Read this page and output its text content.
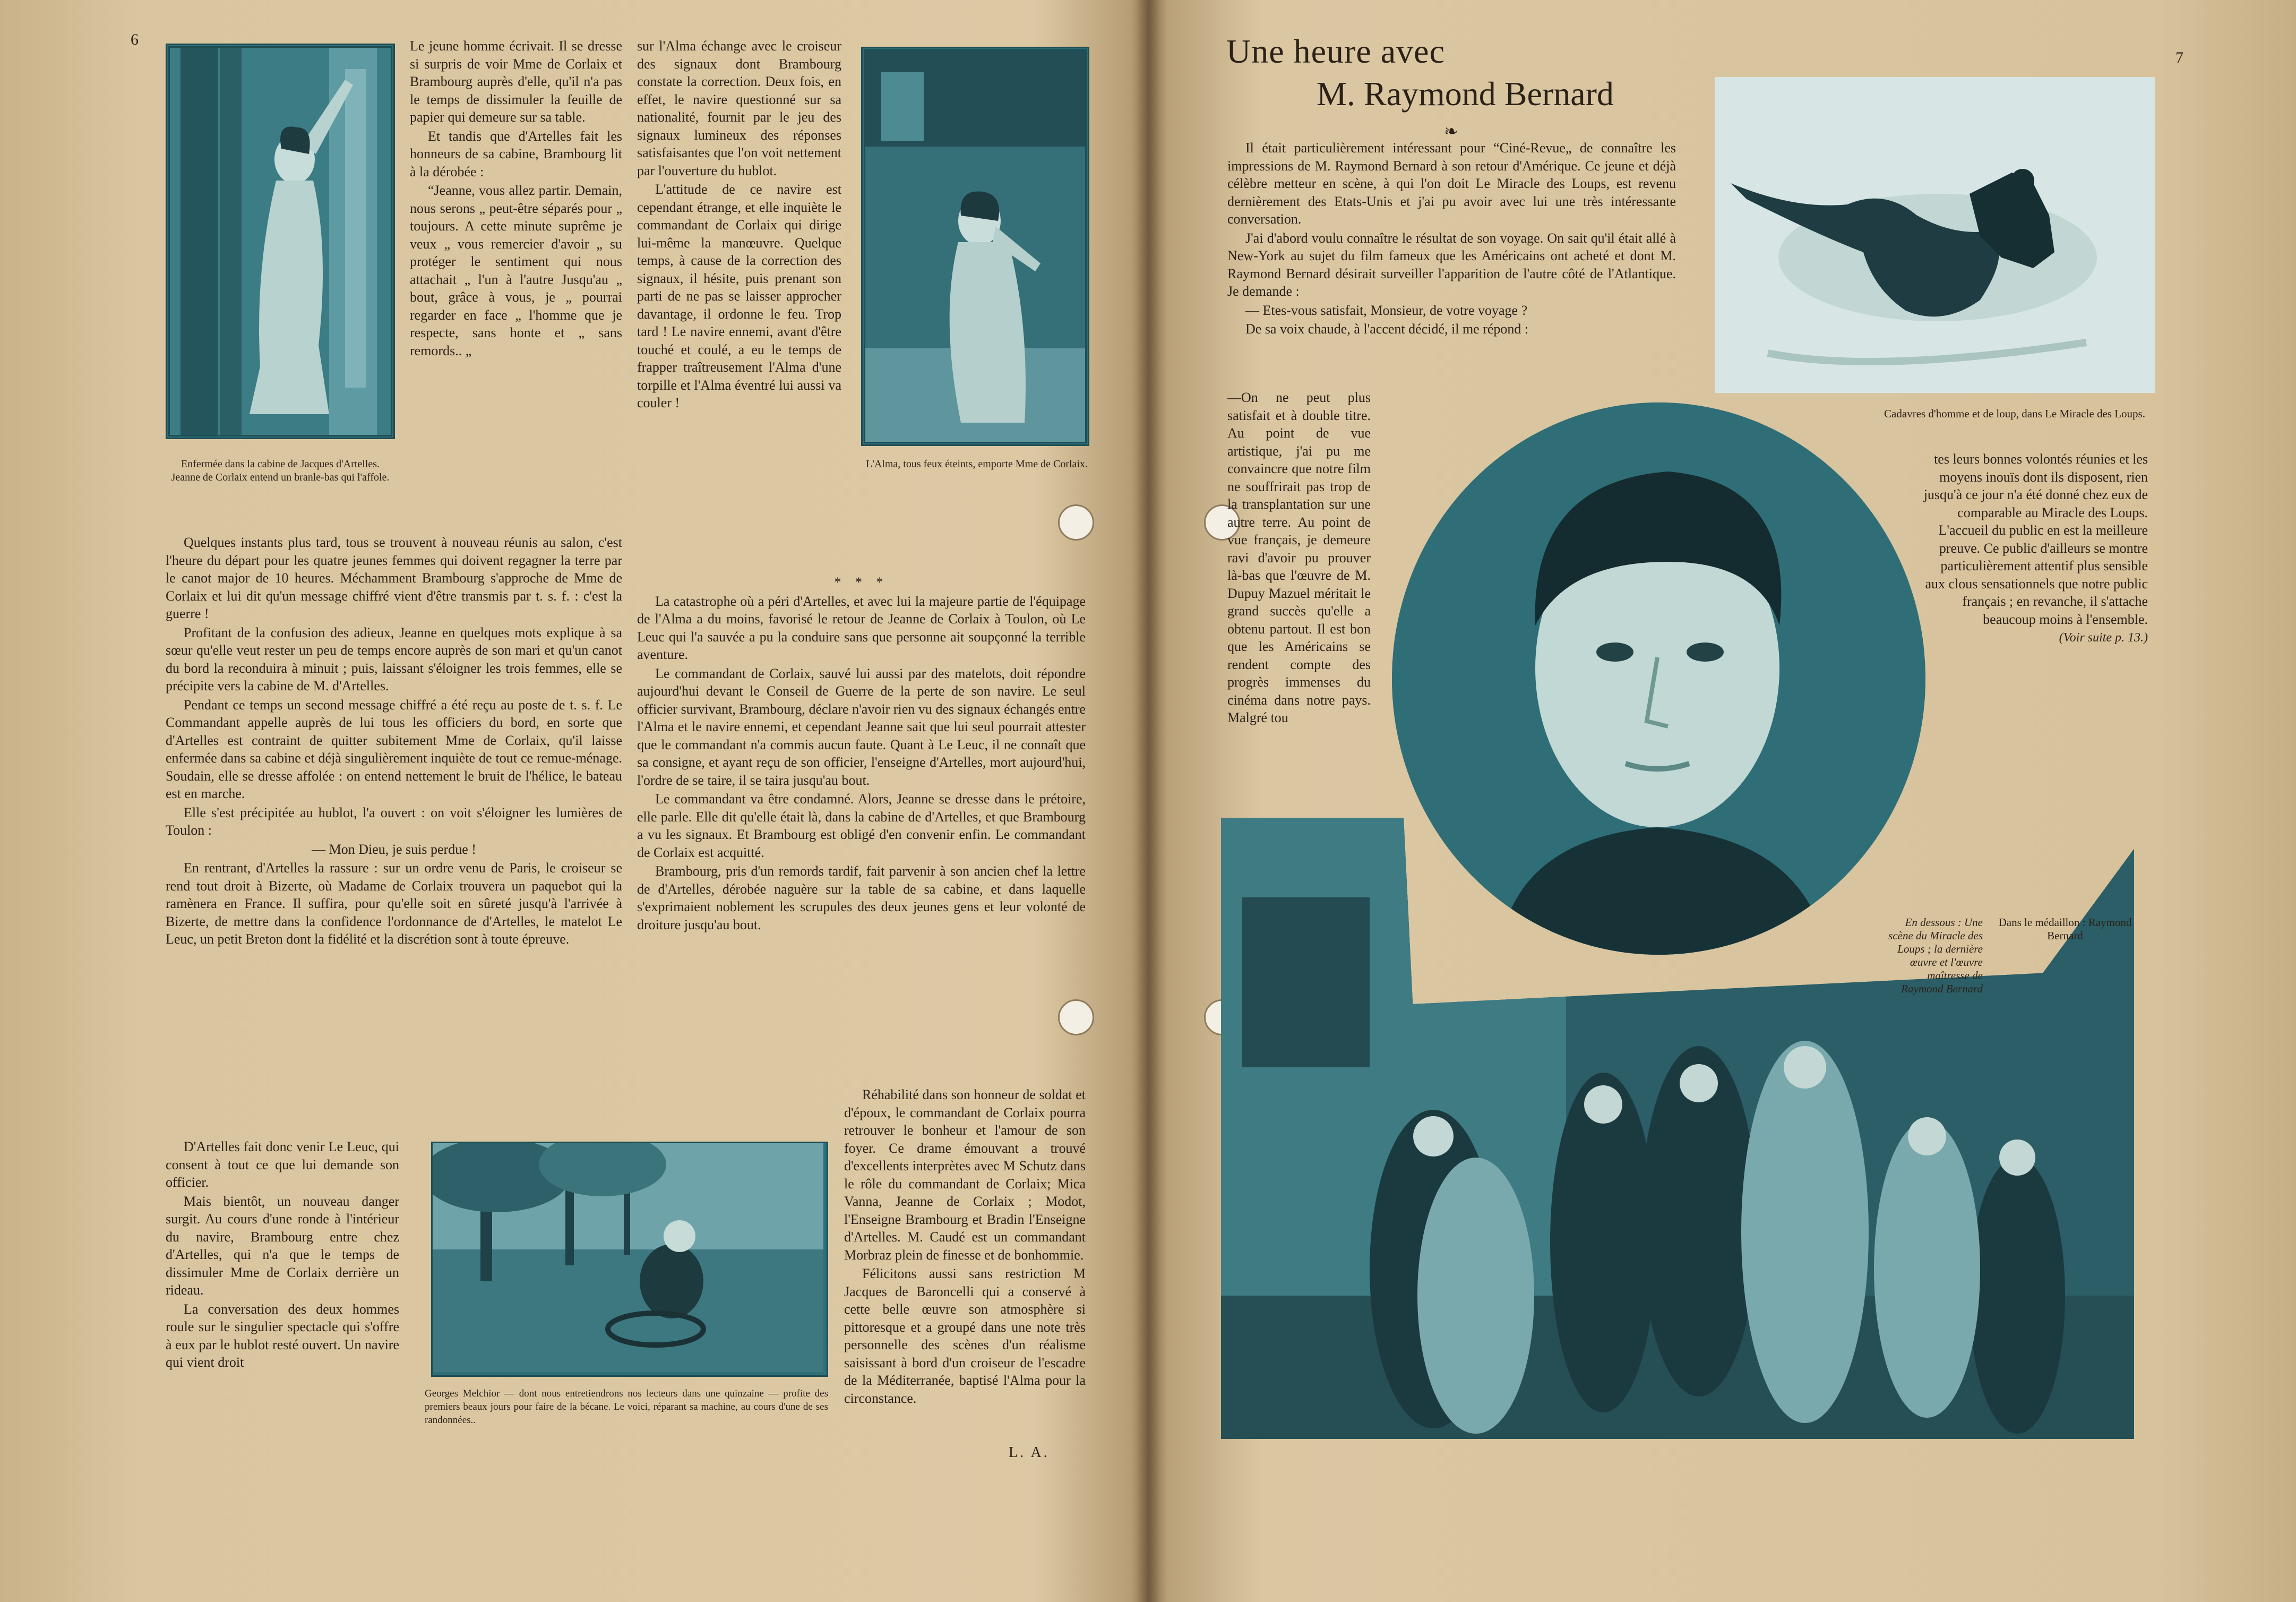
6
Enfermée dans la cabine de Jacques d'Artelles. Jeanne de Corlaix entend un branle-bas qui l'affole.

Le jeune homme écrivait. Il se dresse si surpris de voir Mme de Corlaix et Brambourg auprès d'elle, qu'il n'a pas le temps de dissimuler la feuille de papier qui demeure sur sa table.

Et tandis que d'Artelles fait les honneurs de sa cabine, Brambourg lit à la dérobée :

“Jeanne, vous allez partir. Demain, nous serons „ peut-être séparés pour „ toujours. A cette minute suprême je veux „ vous remercier d'avoir „ su protéger le sentiment qui nous attachait „ l'un à l'autre Jusqu'au „ bout, grâce à vous, je „ pourrai regarder en face „ l'homme que je respecte, sans honte et „ sans remords.. „

Quelques instants plus tard, tous se trouvent à nouveau réunis au salon, c'est l'heure du départ pour les quatre jeunes femmes qui doivent regagner la terre par le canot major de 10 heures. Méchamment Brambourg s'approche de Mme de Corlaix et lui dit qu'un message chiffré vient d'être transmis par t. s. f. : c'est la guerre !

Profitant de la confusion des adieux, Jeanne en quelques mots explique à sa sœur qu'elle veut rester un peu de temps encore auprès de son mari et qu'un canot du bord la reconduira à minuit ; puis, laissant s'éloigner les trois femmes, elle se précipite vers la cabine de M. d'Artelles.

Pendant ce temps un second message chiffré a été reçu au poste de t. s. f. Le Commandant appelle auprès de lui tous les officiers du bord, en sorte que d'Artelles est contraint de quitter subitement Mme de Corlaix, qu'il laisse enfermée dans sa cabine et déjà singulièrement inquiète de tout ce remue-ménage. Soudain, elle se dresse affolée : on entend nettement le bruit de l'hélice, le bateau est en marche.

Elle s'est précipitée au hublot, l'a ouvert : on voit s'éloigner les lumières de Toulon :

— Mon Dieu, je suis perdue !

En rentrant, d'Artelles la rassure : sur un ordre venu de Paris, le croiseur se rend tout droit à Bizerte, où Madame de Corlaix trouvera un paquebot qui la ramènera en France. Il suffira, pour qu'elle soit en sûreté jusqu'à l'arrivée à Bizerte, de mettre dans la confidence l'ordonnance de d'Artelles, le matelot Le Leuc, un petit Breton dont la fidélité et la discrétion sont à toute épreuve.

D'Artelles fait donc venir Le Leuc, qui consent à tout ce que lui demande son officier.

Mais bientôt, un nouveau danger surgit. Au cours d'une ronde à l'intérieur du navire, Brambourg entre chez d'Artelles, qui n'a que le temps de dissimuler Mme de Corlaix derrière un rideau.

La conversation des deux hommes roule sur le singulier spectacle qui s'offre à eux par le hublot resté ouvert. Un navire qui vient droit

sur l'Alma échange avec le croiseur des signaux dont Brambourg constate la correction. Deux fois, en effet, le navire questionné sur sa nationalité, fournit par le jeu des signaux lumineux des réponses satisfaisantes que l'on voit nettement par l'ouverture du hublot.

L'attitude de ce navire est cependant étrange, et elle inquiète le commandant de Corlaix qui dirige lui-même la manœuvre. Quelque temps, à cause de la correction des signaux, il hésite, puis prenant son parti de ne pas se laisser approcher davantage, il ordonne le feu. Trop tard ! Le navire ennemi, avant d'être touché et coulé, a eu le temps de frapper traîtreusement l'Alma d'une torpille et l'Alma éventré lui aussi va couler !

L'Alma, tous feux éteints, emporte Mme de Corlaix.

* * *

La catastrophe où a péri d'Artelles, et avec lui la majeure partie de l'équipage de l'Alma a du moins, favorisé le retour de Jeanne de Corlaix à Toulon, où Le Leuc qui l'a sauvée a pu la conduire sans que personne ait soupçonné la terrible aventure.

Le commandant de Corlaix, sauvé lui aussi par des matelots, doit répondre aujourd'hui devant le Conseil de Guerre de la perte de son navire. Le seul officier survivant, Brambourg, déclare n'avoir rien vu des signaux échangés entre l'Alma et le navire ennemi, et cependant Jeanne sait que lui seul pourrait attester que le commandant n'a commis aucun faute. Quant à Le Leuc, il ne connaît que sa consigne, et ayant reçu de son officier, l'enseigne d'Artelles, mort aujourd'hui, l'ordre de se taire, il se taira jusqu'au bout.

Le commandant va être condamné. Alors, Jeanne se dresse dans le prétoire, elle parle. Elle dit qu'elle était là, dans la cabine de d'Artelles, et que Brambourg a vu les signaux. Et Brambourg est obligé d'en convenir enfin. Le commandant de Corlaix est acquitté.

Brambourg, pris d'un remords tardif, fait parvenir à son ancien chef la lettre de d'Artelles, dérobée naguère sur la table de sa cabine, et dans laquelle s'exprimaient noblement les scrupules des deux jeunes gens et leur volonté de droiture jusqu'au bout.

Réhabilité dans son honneur de soldat et d'époux, le commandant de Corlaix pourra retrouver le bonheur et l'amour de son foyer. Ce drame émouvant a trouvé d'excellents interprètes avec M Schutz dans le rôle du commandant de Corlaix; Mica Vanna, Jeanne de Corlaix ; Modot, l'Enseigne Brambourg et Bradin l'Enseigne d'Artelles. M. Caudé est un commandant Morbraz plein de finesse et de bonhommie.

Félicitons aussi sans restriction M Jacques de Baroncelli qui a conservé à cette belle œuvre son atmosphère si pittoresque et a groupé dans une note très personnelle des scènes d'un réalisme saisissant à bord d'un croiseur de l'escadre de la Méditerranée, baptisé l'Alma pour la circonstance.

L. A.
Georges Melchior — dont nous entretiendrons nos lecteurs dans une quinzaine — profite des premiers beaux jours pour faire de la bécane. Le voici, réparant sa machine, au cours d'une de ses randonnées..
7
Une heure avec
M. Raymond Bernard
❧
Cadavres d'homme et de loup, dans Le Miracle des Loups.

Il était particulièrement intéressant pour “Ciné-Revue„ de connaître les impressions de M. Raymond Bernard à son retour d'Amérique. Ce jeune et déjà célèbre metteur en scène, à qui l'on doit Le Miracle des Loups, est revenu dernièrement des Etats-Unis et j'ai pu avoir avec lui une très intéressante conversation.

J'ai d'abord voulu connaître le résultat de son voyage. On sait qu'il était allé à New-York au sujet du film fameux que les Américains ont acheté et dont M. Raymond Bernard désirait surveiller l'apparition de l'autre côté de l'Atlantique. Je demande :

— Etes-vous satisfait, Monsieur, de votre voyage ?

De sa voix chaude, à l'accent décidé, il me répond :

—On ne peut plus satisfait et à double titre. Au point de vue artistique, j'ai pu me convaincre que notre film ne souffrirait pas trop de la transplantation sur une autre terre. Au point de vue français, je demeure ravi d'avoir pu prouver là-bas que l'œuvre de M. Dupuy Mazuel méritait le grand succès qu'elle a obtenu partout. Il est bon que les Américains se rendent compte des progrès immenses du cinéma dans notre pays. Malgré tou

tes leurs bonnes volontés réunies et les moyens inouïs dont ils disposent, rien jusqu'à ce jour n'a été donné chez eux de comparable au Miracle des Loups. L'accueil du public en est la meilleure preuve. Ce public d'ailleurs se montre particulièrement attentif plus sensible aux clous sensationnels que notre public français ; en revanche, il s'attache beaucoup moins à l'ensemble.

(Voir suite p. 13.)

En dessous : Une scène du Miracle des Loups ; la dernière œuvre et l'œuvre maîtresse de Raymond Bernard
Dans le médaillon : Raymond Bernard
